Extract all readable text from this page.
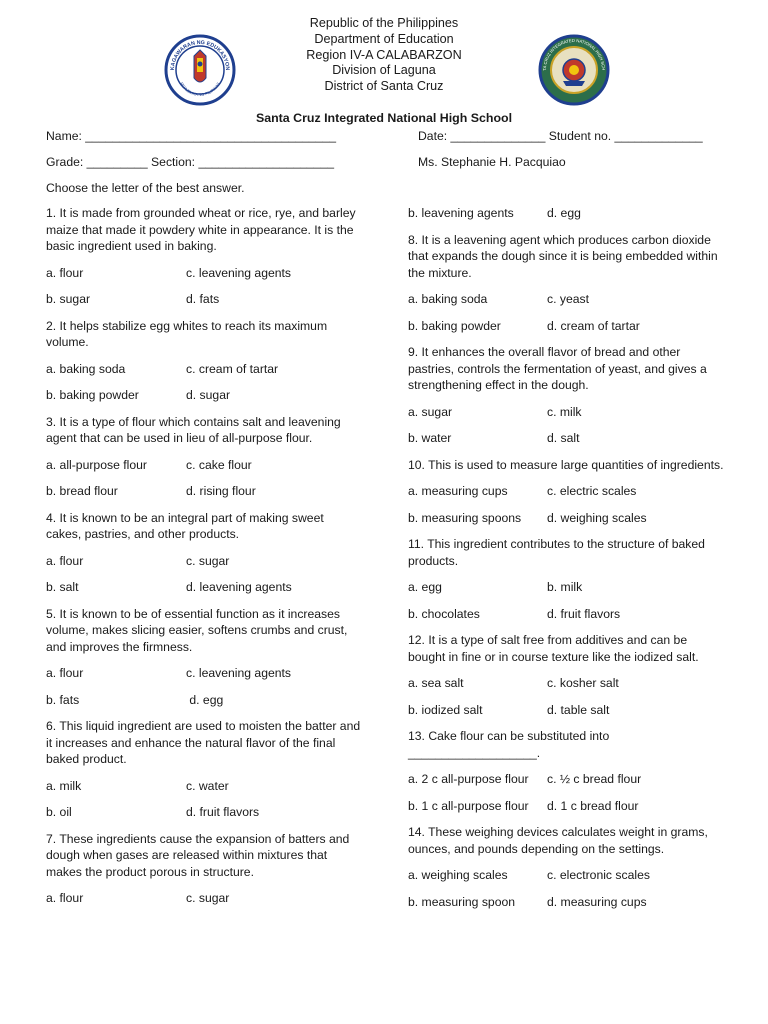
Republic of the Philippines
Department of Education
Region IV-A CALABARZON
Division of Laguna
District of Santa Cruz
KAGAWARAN NG EDUKASYON
REPUBLIKA NG PILIPINAS
TA CRUZ INTEGRATED NATIONAL HIGH SCH
Santa Cruz Integrated National High School
Name: _____________________________________	Date: ______________ Student no. _____________
Grade: _________ Section: ____________________	Ms. Stephanie H. Pacquiao
Choose the letter of the best answer.
1. It is made from grounded wheat or rice, rye, and barley maize that made it powdery white in appearance. It is the basic ingredient used in baking.
a. flour	c. leavening agents
b. sugar	d. fats
2. It helps stabilize egg whites to reach its maximum volume.
a. baking soda	c. cream of tartar
b. baking powder	d. sugar
3. It is a type of flour which contains salt and leavening agent that can be used in lieu of all-purpose flour.
a. all-purpose flour	c. cake flour
b. bread flour	d. rising flour
4. It is known to be an integral part of making sweet cakes, pastries, and other products.
a. flour	c. sugar
b. salt	d. leavening agents
5. It is known to be of essential function as it increases volume, makes slicing easier, softens crumbs and crust, and improves the firmness.
a. flour	c. leavening agents
b. fats	d. egg
6. This liquid ingredient are used to moisten the batter and it increases and enhance the natural flavor of the final baked product.
a. milk	c. water
b. oil	d. fruit flavors
7. These ingredients cause the expansion of batters and dough when gases are released within mixtures that makes the product porous in structure.
a. flour	c. sugar
b. leavening agents	d. egg
8. It is a leavening agent which produces carbon dioxide that expands the dough since it is being embedded within the mixture.
a. baking soda	c. yeast
b. baking powder	d. cream of tartar
9. It enhances the overall flavor of bread and other pastries, controls the fermentation of yeast, and gives a strengthening effect in the dough.
a. sugar	c. milk
b. water	d. salt
10. This is used to measure large quantities of ingredients.
a. measuring cups	c. electric scales
b. measuring spoons	d. weighing scales
11. This ingredient contributes to the structure of baked products.
a. egg	b. milk
b. chocolates	d. fruit flavors
12. It is a type of salt free from additives and can be bought in fine or in course texture like the iodized salt.
a. sea salt	c. kosher salt
b. iodized salt	d. table salt
13. Cake flour can be substituted into ___________________.
a. 2 c all-purpose flour	c. ½ c bread flour
b. 1 c all-purpose flour	d. 1 c bread flour
14. These weighing devices calculates weight in grams, ounces, and pounds depending on the settings.
a. weighing scales	c. electronic scales
b. measuring spoon	d. measuring cups
